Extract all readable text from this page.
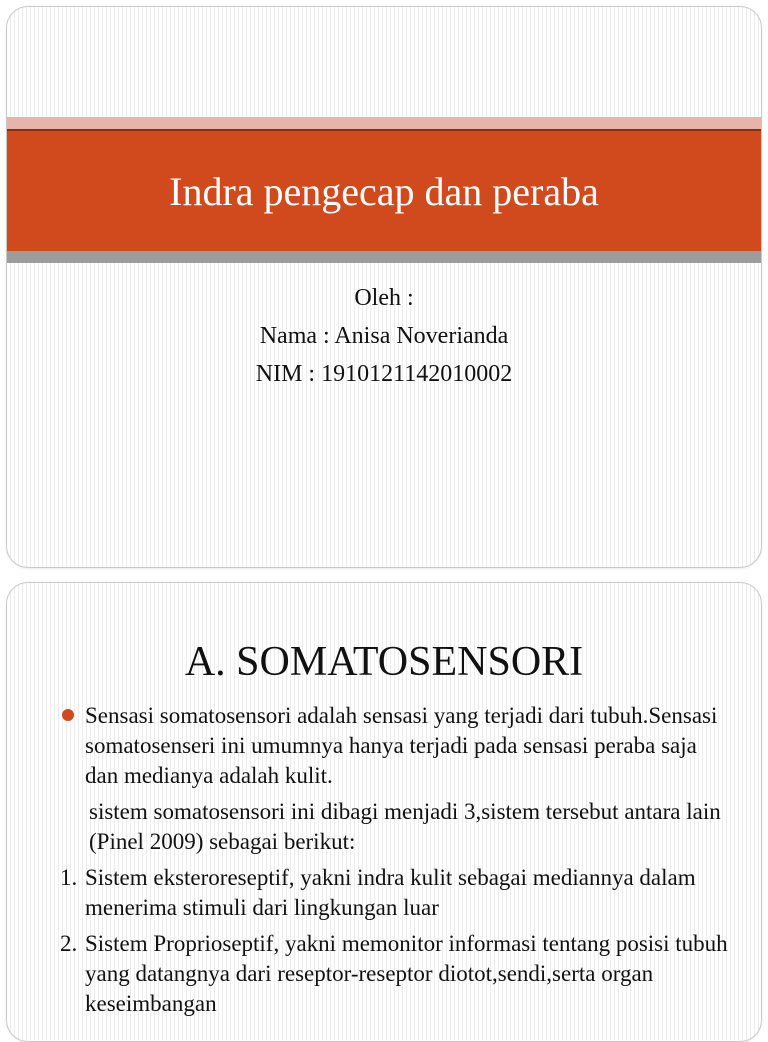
Indra pengecap dan peraba
Oleh :
Nama : Anisa Noverianda
NIM : 1910121142010002
A. SOMATOSENSORI

Sensasi somatosensori adalah sensasi yang terjadi dari tubuh.Sensasi somatosenseri ini umumnya hanya terjadi pada sensasi peraba saja dan medianya adalah kulit.

sistem somatosensori ini dibagi menjadi 3,sistem tersebut antara lain (Pinel 2009) sebagai berikut:

1. Sistem eksteroreseptif, yakni indra kulit sebagai mediannya dalam menerima stimuli dari lingkungan luar

2. Sistem Proprioseptif, yakni memonitor informasi tentang posisi tubuh yang datangnya dari reseptor-reseptor diotot,sendi,serta organ keseimbangan
